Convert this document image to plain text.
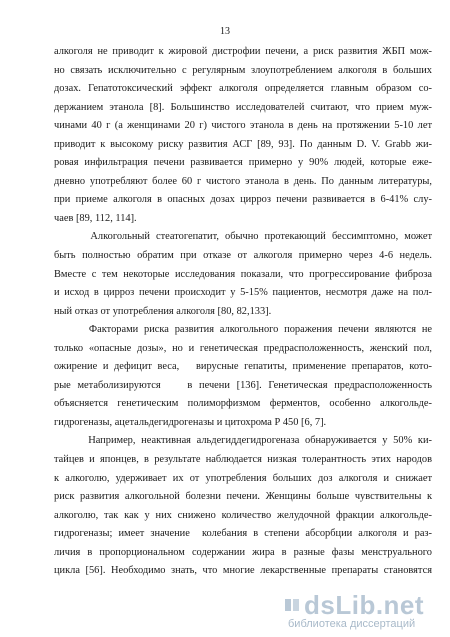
13
алкоголя не приводит к жировой дистрофии печени, а риск развития ЖБП мож-
но связать исключительно с регулярным злоупотреблением алкоголя в больших
дозах. Гепатотоксический эффект алкоголя определяется главным образом со-
держанием этанола [8]. Большинство исследователей считают, что прием муж-
чинами 40 г (а женщинами 20 г) чистого этанола в день на протяжении 5-10 лет
приводит к высокому риску развития АСГ [89, 93]. По данным D. V. Grabb жи-
ровая инфильтрация печени развивается примерно у 90% людей, которые еже-
дневно употребляют более 60 г чистого этанола в день. По данным литературы,
при приеме алкоголя в опасных дозах цирроз печени развивается в 6-41% слу-
чаев [89, 112, 114].
Алкогольный стеатогепатит, обычно протекающий бессимптомно, может
быть полностью обратим при отказе от алкоголя примерно через 4-6 недель.
Вместе с тем некоторые исследования показали, что прогрессирование фиброза
и исход в цирроз печени происходит у 5-15% пациентов, несмотря даже на пол-
ный отказ от употребления алкоголя [80, 82,133].
Факторами риска развития алкогольного поражения печени являются не
только «опасные дозы», но и генетическая предрасположенность, женский пол,
ожирение и дефицит веса,   вирусные гепатиты, применение препаратов, кото-
рые метаболизируются    в печени [136]. Генетическая предрасположенность
объясняется генетическим полиморфизмом ферментов, особенно алкогольде-
гидрогеназы, ацетальдегидрогеназы и цитохрома Р 450 [6, 7].
Например, неактивная альдегиддегидрогеназа обнаруживается у 50% ки-
тайцев и японцев, в результате наблюдается низкая толерантность этих народов
к алкоголю, удерживает их от употребления больших доз алкоголя и снижает
риск развития алкогольной болезни печени. Женщины больше чувствительны к
алкоголю, так как у них снижено количество желудочной фракции алкогольде-
гидрогеназы; имеет значение  колебания в степени абсорбции алкоголя и раз-
личия в пропорциональном содержании жира в разные фазы менструального
цикла [56]. Необходимо знать, что многие лекарственные препараты становятся
dsLib.net
библиотека диссертаций
